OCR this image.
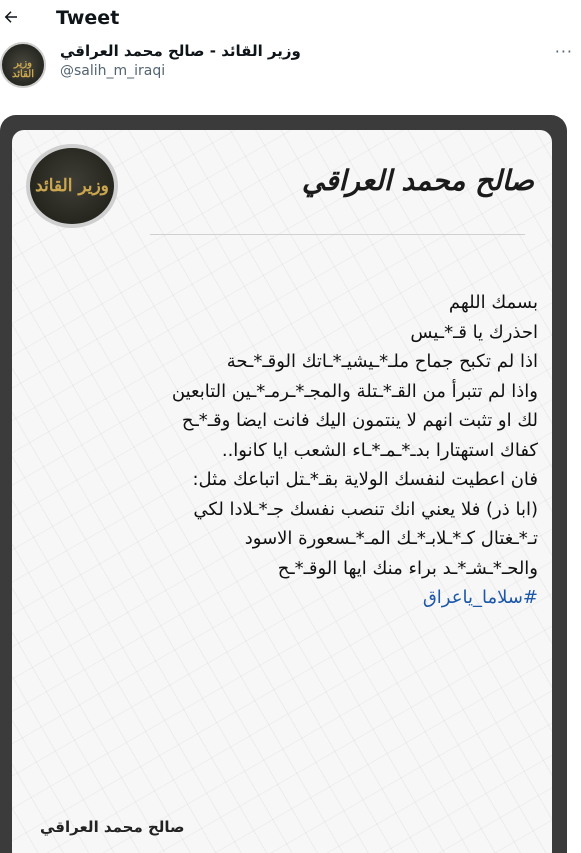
Tweet
وزير القائد
وزير القائد - صالح محمد العراقي
@salih_m_iraqi
···
وزير القائد	صالح محمد العراقي
بسمك اللهم
احذرك يا قـ*ـيس
اذا لم تكبح جماح ملـ*ـيشيـ*ـاتك الوقـ*ـحة
واذا لم تتبرأ من القـ*ـتلة والمجـ*ـرمـ*ـين التابعين
لك او تثبت انهم لا ينتمون اليك فانت ايضا وقـ*ـح
كفاك استهتارا بدـ*ـمـ*ـاء الشعب ايا كانوا..
فان اعطيت لنفسك الولاية بقـ*ـتل اتباعك مثل:
(ابا ذر) فلا يعني انك تنصب نفسك جـ*ـلادا لكي
تـ*ـغتال كـ*ـلابـ*ـك المـ*ـسعورة الاسود
والحـ*ـشـ*ـد براء منك ايها الوقـ*ـح
#سلاما_ياعراق
صالح محمد العراقي
